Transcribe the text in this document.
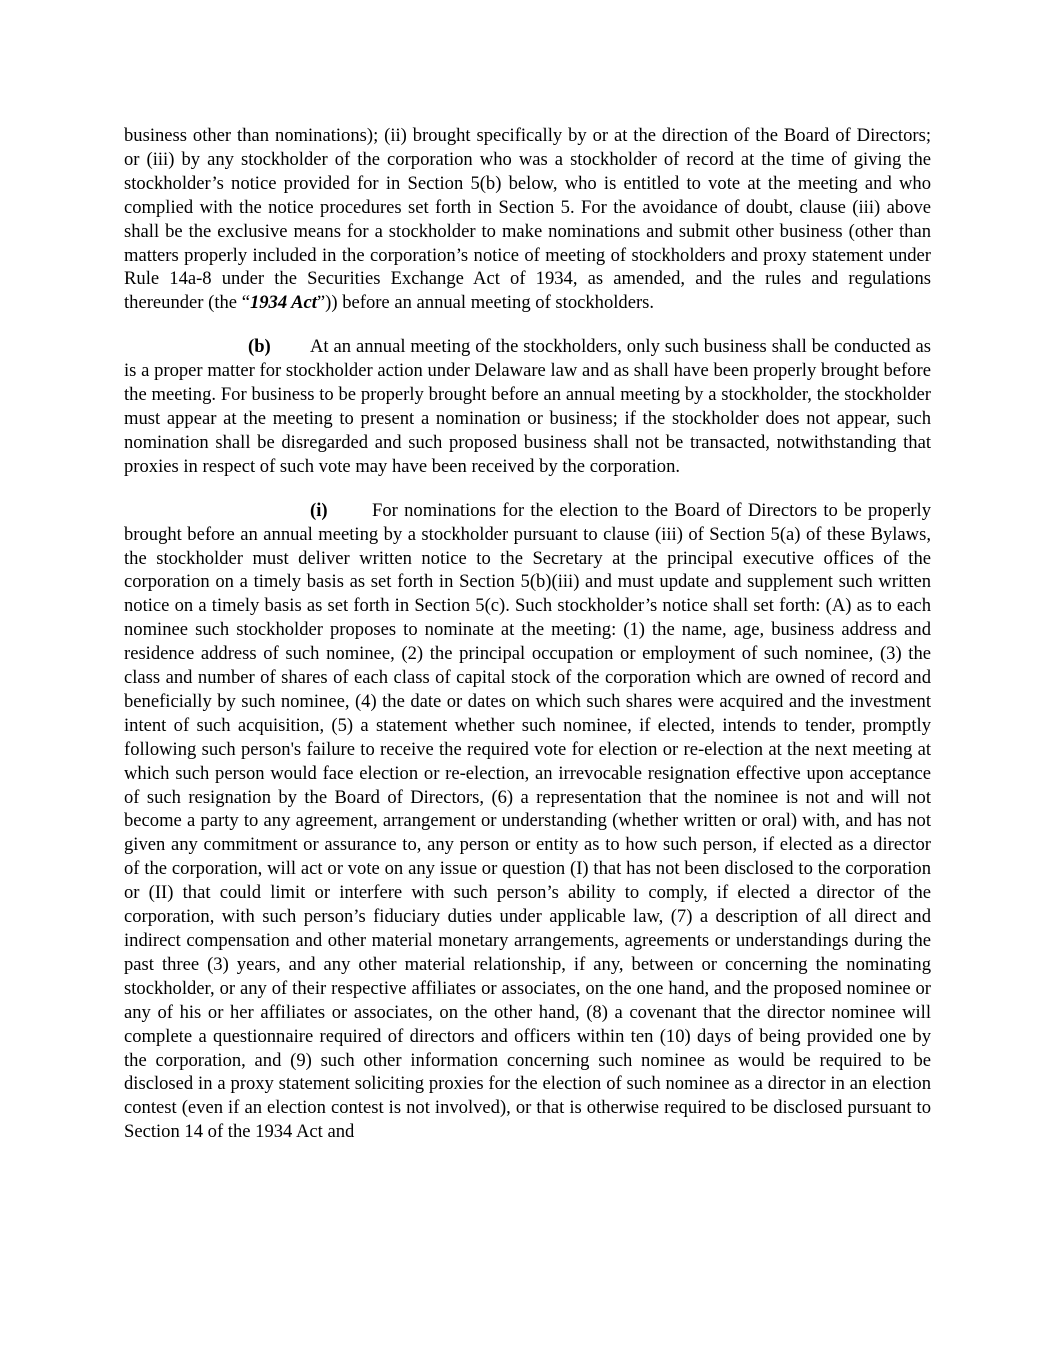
business other than nominations); (ii) brought specifically by or at the direction of the Board of Directors; or (iii) by any stockholder of the corporation who was a stockholder of record at the time of giving the stockholder’s notice provided for in Section 5(b) below, who is entitled to vote at the meeting and who complied with the notice procedures set forth in Section 5. For the avoidance of doubt, clause (iii) above shall be the exclusive means for a stockholder to make nominations and submit other business (other than matters properly included in the corporation’s notice of meeting of stockholders and proxy statement under Rule 14a-8 under the Securities Exchange Act of 1934, as amended, and the rules and regulations thereunder (the “1934 Act”)) before an annual meeting of stockholders.

(b) At an annual meeting of the stockholders, only such business shall be conducted as is a proper matter for stockholder action under Delaware law and as shall have been properly brought before the meeting. For business to be properly brought before an annual meeting by a stockholder, the stockholder must appear at the meeting to present a nomination or business; if the stockholder does not appear, such nomination shall be disregarded and such proposed business shall not be transacted, notwithstanding that proxies in respect of such vote may have been received by the corporation.

(i) For nominations for the election to the Board of Directors to be properly brought before an annual meeting by a stockholder pursuant to clause (iii) of Section 5(a) of these Bylaws, the stockholder must deliver written notice to the Secretary at the principal executive offices of the corporation on a timely basis as set forth in Section 5(b)(iii) and must update and supplement such written notice on a timely basis as set forth in Section 5(c). Such stockholder’s notice shall set forth: (A) as to each nominee such stockholder proposes to nominate at the meeting: (1) the name, age, business address and residence address of such nominee, (2) the principal occupation or employment of such nominee, (3) the class and number of shares of each class of capital stock of the corporation which are owned of record and beneficially by such nominee, (4) the date or dates on which such shares were acquired and the investment intent of such acquisition, (5) a statement whether such nominee, if elected, intends to tender, promptly following such person's failure to receive the required vote for election or re-election at the next meeting at which such person would face election or re-election, an irrevocable resignation effective upon acceptance of such resignation by the Board of Directors, (6) a representation that the nominee is not and will not become a party to any agreement, arrangement or understanding (whether written or oral) with, and has not given any commitment or assurance to, any person or entity as to how such person, if elected as a director of the corporation, will act or vote on any issue or question (I) that has not been disclosed to the corporation or (II) that could limit or interfere with such person’s ability to comply, if elected a director of the corporation, with such person’s fiduciary duties under applicable law, (7) a description of all direct and indirect compensation and other material monetary arrangements, agreements or understandings during the past three (3) years, and any other material relationship, if any, between or concerning the nominating stockholder, or any of their respective affiliates or associates, on the one hand, and the proposed nominee or any of his or her affiliates or associates, on the other hand, (8) a covenant that the director nominee will complete a questionnaire required of directors and officers within ten (10) days of being provided one by the corporation, and (9) such other information concerning such nominee as would be required to be disclosed in a proxy statement soliciting proxies for the election of such nominee as a director in an election contest (even if an election contest is not involved), or that is otherwise required to be disclosed pursuant to Section 14 of the 1934 Act and
